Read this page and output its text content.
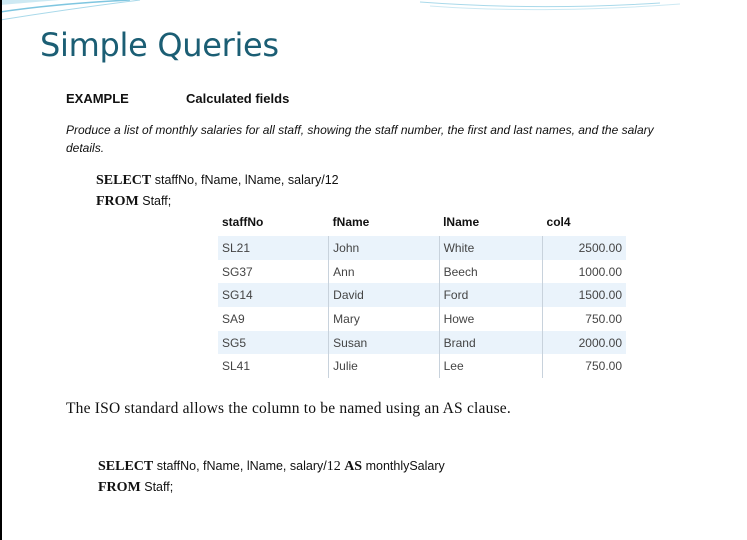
Simple Queries
EXAMPLE	Calculated fields
Produce a list of monthly salaries for all staff, showing the staff number, the first and last names, and the salary details.
SELECT staffNo, fName, lName, salary/12
FROM Staff;
staffNo	fName	lName	col4
SL21	John	White	2500.00
SG37	Ann	Beech	1000.00
SG14	David	Ford	1500.00
SA9	Mary	Howe	750.00
SG5	Susan	Brand	2000.00
SL41	Julie	Lee	750.00
The ISO standard allows the column to be named using an AS clause.
SELECT staffNo, fName, lName, salary/12 AS monthlySalary
FROM Staff;
